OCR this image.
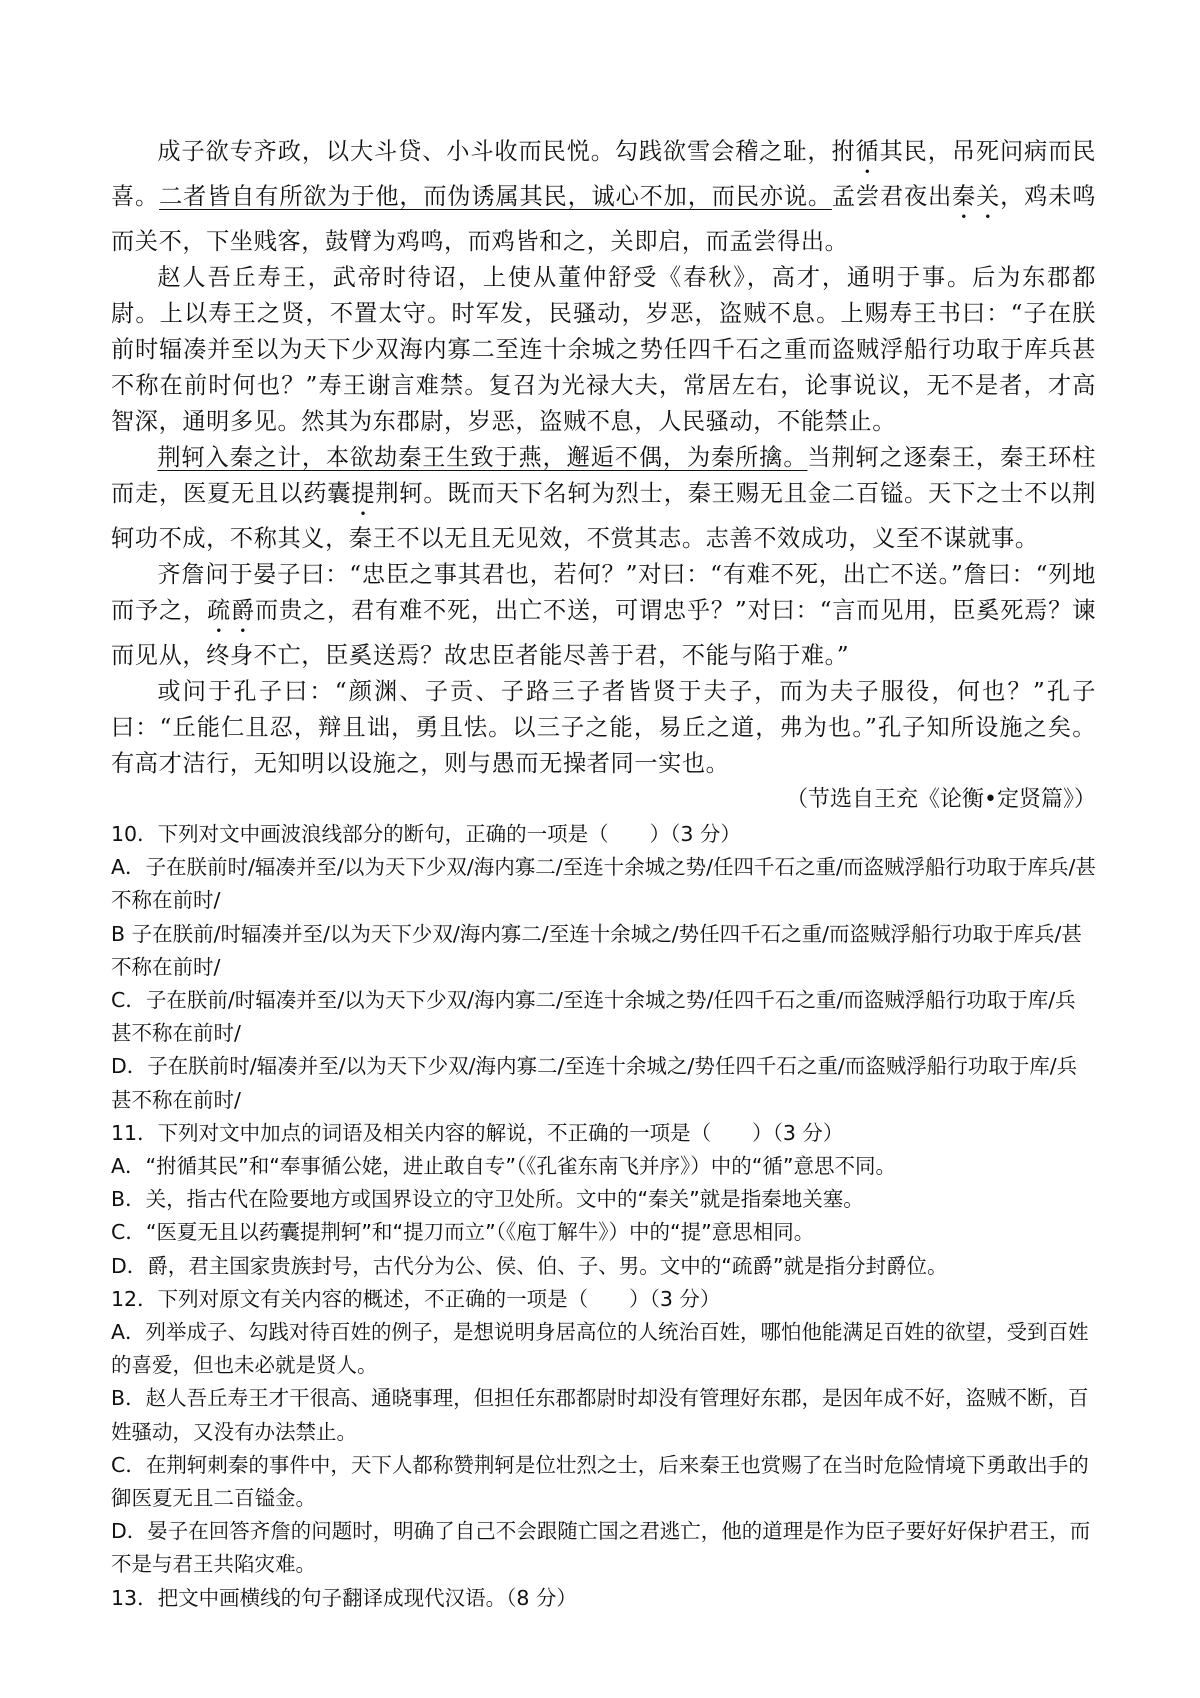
成子欲专齐政，以大斗贷、小斗收而民悦。勾践欲雪会稽之耻，拊循其民，吊死问病而民喜。二者皆自有所欲为于他，而伪诱属其民，诚心不加，而民亦说。孟尝君夜出秦关，鸡未鸣而关不，下坐贱客，鼓臂为鸡鸣，而鸡皆和之，关即启，而孟尝得出。

赵人吾丘寿王，武帝时待诏，上使从董仲舒受《春秋》，高才，通明于事。后为东郡都尉。上以寿王之贤，不置太守。时军发，民骚动，岁恶，盗贼不息。上赐寿王书曰：“子在朕前时辐凑并至以为天下少双海内寡二至连十余城之势任四千石之重而盗贼浮船行功取于库兵甚不称在前时何也？”寿王谢言难禁。复召为光禄大夫，常居左右，论事说议，无不是者，才高智深，通明多见。然其为东郡尉，岁恶，盗贼不息，人民骚动，不能禁止。

荆轲入秦之计，本欲劫秦王生致于燕，邂逅不偶，为秦所擒。当荆轲之逐秦王，秦王环柱而走，医夏无且以药囊提荆轲。既而天下名轲为烈士，秦王赐无且金二百镒。天下之士不以荆轲功不成，不称其义，秦王不以无且无见效，不赏其志。志善不效成功，义至不谋就事。

齐詹问于晏子曰：“忠臣之事其君也，若何？”对曰：“有难不死，出亡不送。”詹曰：“列地而予之，疏爵而贵之，君有难不死，出亡不送，可谓忠乎？”对曰：“言而见用，臣奚死焉？谏而见从，终身不亡，臣奚送焉？故忠臣者能尽善于君，不能与陷于难。”

或问于孔子曰：“颜渊、子贡、子路三子者皆贤于夫子，而为夫子服役，何也？”孔子曰：“丘能仁且忍，辩且诎，勇且怯。以三子之能，易丘之道，弗为也。”孔子知所设施之矣。有高才洁行，无知明以设施之，则与愚而无操者同一实也。

（节选自王充《论衡•定贤篇》）

10．下列对文中画波浪线部分的断句，正确的一项是（　　）（3 分）
A．子在朕前时/辐凑并至/以为天下少双/海内寡二/至连十余城之势/任四千石之重/而盗贼浮船行功取于库兵/甚不称在前时/
B 子在朕前/时辐凑并至/以为天下少双/海内寡二/至连十余城之/势任四千石之重/而盗贼浮船行功取于库兵/甚不称在前时/
C．子在朕前/时辐凑并至/以为天下少双/海内寡二/至连十余城之势/任四千石之重/而盗贼浮船行功取于库/兵甚不称在前时/
D．子在朕前时/辐凑并至/以为天下少双/海内寡二/至连十余城之/势任四千石之重/而盗贼浮船行功取于库/兵甚不称在前时/
11．下列对文中加点的词语及相关内容的解说，不正确的一项是（　　）（3 分）
A．“拊循其民”和“奉事循公姥，进止敢自专”（《孔雀东南飞并序》）中的“循”意思不同。
B．关，指古代在险要地方或国界设立的守卫处所。文中的“秦关”就是指秦地关塞。
C．“医夏无且以药囊提荆轲”和“提刀而立”（《庖丁解牛》）中的“提”意思相同。
D．爵，君主国家贵族封号，古代分为公、侯、伯、子、男。文中的“疏爵”就是指分封爵位。
12．下列对原文有关内容的概述，不正确的一项是（　　）（3 分）
A．列举成子、勾践对待百姓的例子，是想说明身居高位的人统治百姓，哪怕他能满足百姓的欲望，受到百姓的喜爱，但也未必就是贤人。
B．赵人吾丘寿王才干很高、通晓事理，但担任东郡都尉时却没有管理好东郡，是因年成不好，盗贼不断，百姓骚动，又没有办法禁止。
C．在荆轲刺秦的事件中，天下人都称赞荆轲是位壮烈之士，后来秦王也赏赐了在当时危险情境下勇敢出手的御医夏无且二百镒金。
D．晏子在回答齐詹的问题时，明确了自己不会跟随亡国之君逃亡，他的道理是作为臣子要好好保护君王，而不是与君王共陷灾难。
13．把文中画横线的句子翻译成现代汉语。（8 分）
